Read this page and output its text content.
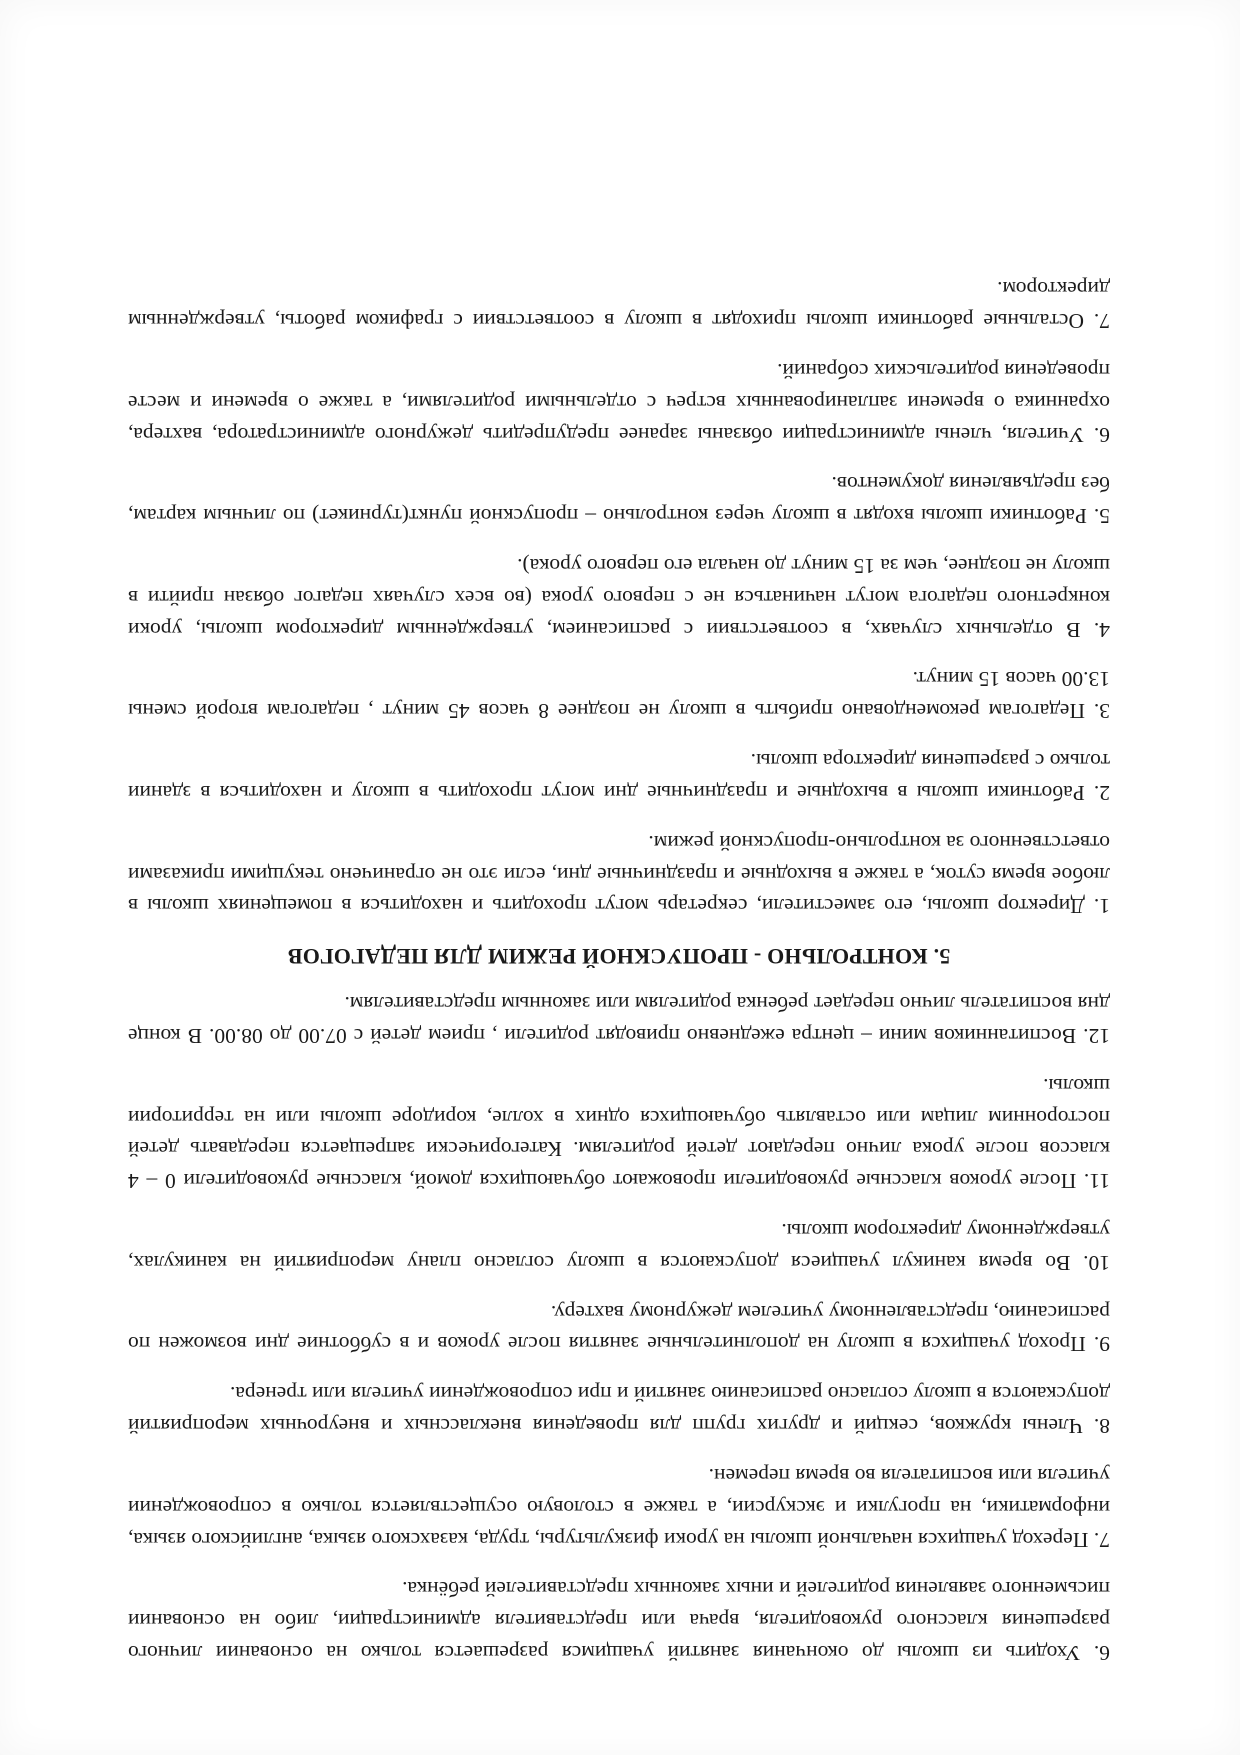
6. Уходить из школы до окончания занятий учащимся разрешается только на основании личного разрешения классного руководителя, врача или представителя администрации, либо на основании письменного заявления родителей и иных законных представителей ребёнка.

7. Переход учащихся начальной школы на уроки физкультуры, труда, казахского языка, английского языка, информатики, на прогулки и экскурсии, а также в столовую осуществляется только в сопровождении учителя или воспитателя во время перемен.

8. Члены кружков, секций и других групп для проведения внеклассных и внеурочных мероприятий допускаются в школу согласно расписанию занятий и при сопровождении учителя или тренера.

9. Проход учащихся в школу на дополнительные занятия после уроков и в субботние дни возможен по расписанию, представленному учителем дежурному вахтеру.

10. Во время каникул учащиеся допускаются в школу согласно плану мероприятий на каникулах, утвержденному директором школы.

11. После уроков классные руководители провожают обучающихся домой, классные руководители 0 – 4 классов после урока лично передают детей родителям. Категорически запрещается передавать детей посторонним лицам или оставлять обучающихся одних в холле, коридоре школы или на территории школы.

12. Воспитанников мини – центра ежедневно приводят родители , прием детей с 07.00 до 08.00. В конце дня воспитатель лично передает ребенка родителям или законным представителям.

5. КОНТРОЛЬНО - ПРОПУСКНОЙ РЕЖИМ ДЛЯ ПЕДАГОГОВ

1. Директор школы, его заместители, секретарь могут проходить и находиться в помещениях школы в любое время суток, а также в выходные и праздничные дни, если это не ограничено текущими приказами ответственного за контрольно-пропускной режим.

2. Работники школы в выходные и праздничные дни могут проходить в школу и находиться в здании только с разрешения директора школы.

3. Педагогам рекомендовано прибыть в школу не позднее 8 часов 45 минут , педагогам второй смены 13.00 часов 15 минут.

4. В отдельных случаях, в соответствии с расписанием, утвержденным директором школы, уроки конкретного педагога могут начинаться не с первого урока (во всех случаях педагог обязан прийти в школу не позднее, чем за 15 минут до начала его первого урока).

5. Работники школы входят в школу через контрольно – пропускной пункт(турникет) по личным картам, без предъявления документов.

6. Учителя, члены администрации обязаны заранее предупредить дежурного администратора, вахтера, охранника о времени запланированных встреч с отдельными родителями, а также о времени и месте проведения родительских собраний.

7. Остальные работники школы приходят в школу в соответствии с графиком работы, утвержденным директором.
